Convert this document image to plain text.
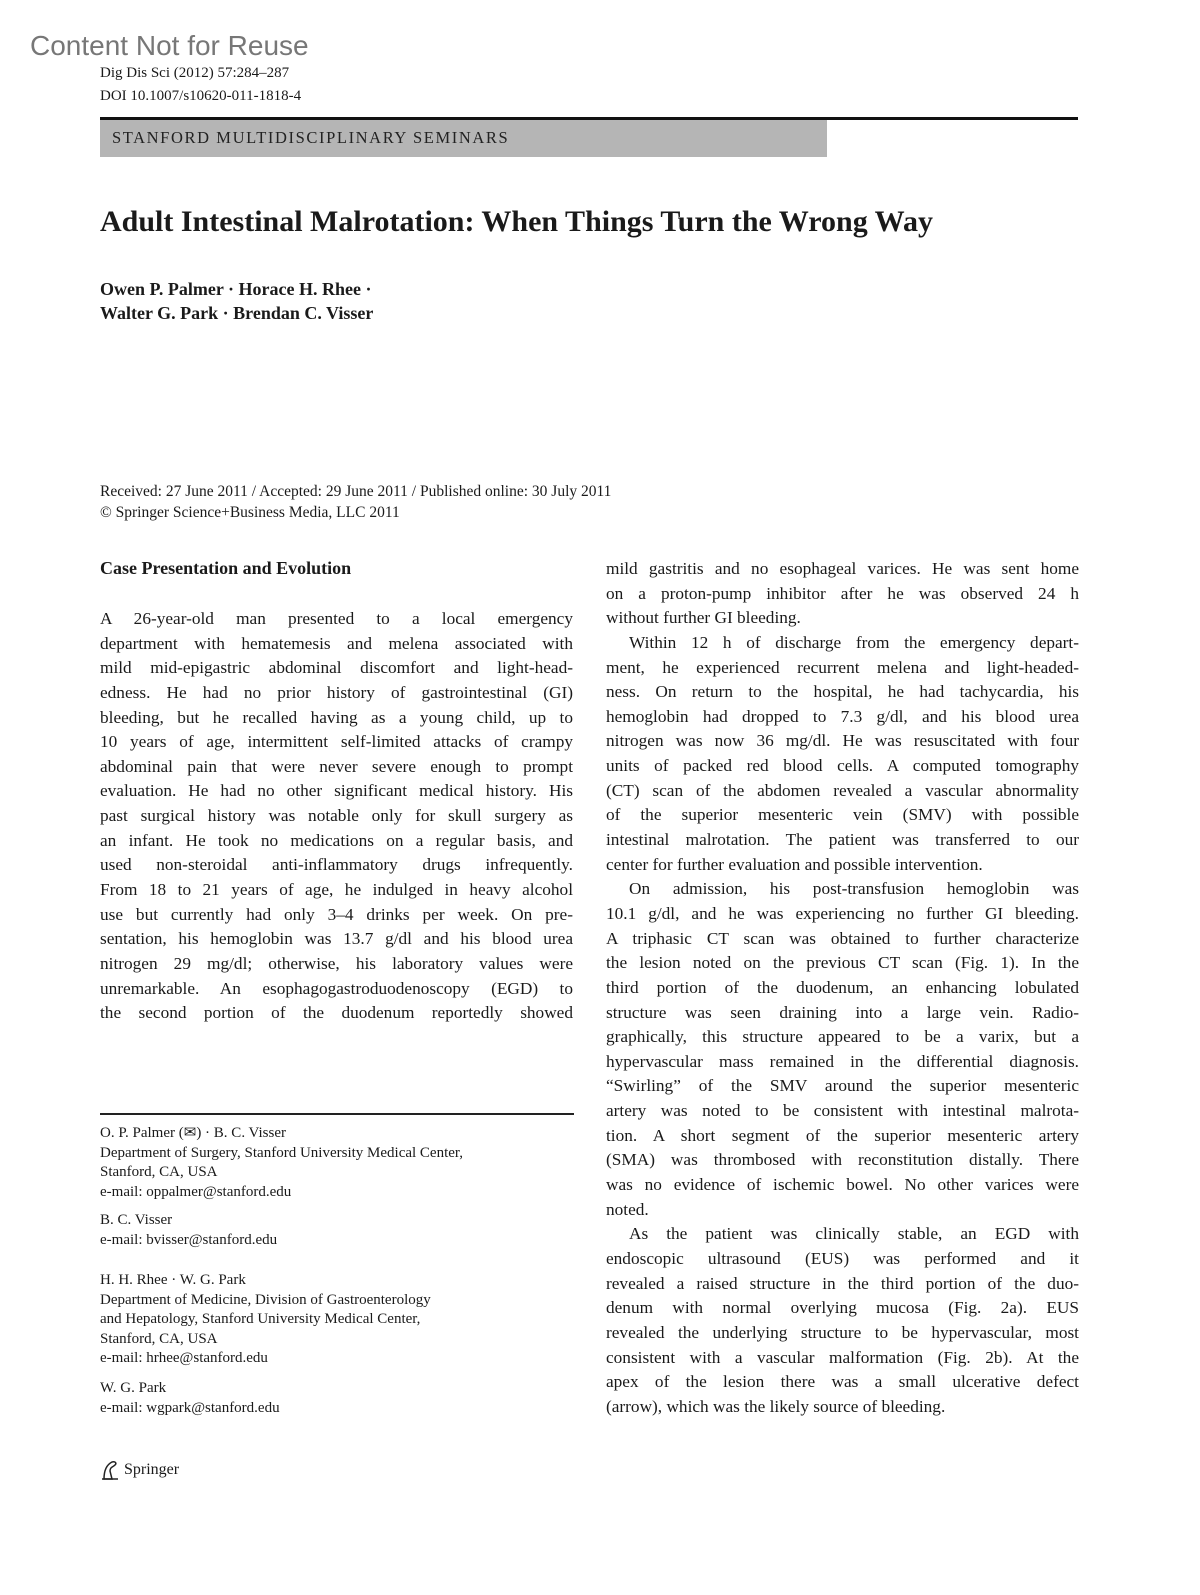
Content Not for Reuse
Dig Dis Sci (2012) 57:284–287
DOI 10.1007/s10620-011-1818-4
STANFORD MULTIDISCIPLINARY SEMINARS
Adult Intestinal Malrotation: When Things Turn the Wrong Way
Owen P. Palmer · Horace H. Rhee ·
Walter G. Park · Brendan C. Visser
Received: 27 June 2011 / Accepted: 29 June 2011 / Published online: 30 July 2011
© Springer Science+Business Media, LLC 2011
Case Presentation and Evolution
A 26-year-old man presented to a local emergency
department with hematemesis and melena associated with
mild mid-epigastric abdominal discomfort and light-head-
edness. He had no prior history of gastrointestinal (GI)
bleeding, but he recalled having as a young child, up to
10 years of age, intermittent self-limited attacks of crampy
abdominal pain that were never severe enough to prompt
evaluation. He had no other significant medical history. His
past surgical history was notable only for skull surgery as
an infant. He took no medications on a regular basis, and
used non-steroidal anti-inflammatory drugs infrequently.
From 18 to 21 years of age, he indulged in heavy alcohol
use but currently had only 3–4 drinks per week. On pre-
sentation, his hemoglobin was 13.7 g/dl and his blood urea
nitrogen 29 mg/dl; otherwise, his laboratory values were
unremarkable. An esophagogastroduodenoscopy (EGD) to
the second portion of the duodenum reportedly showed
mild gastritis and no esophageal varices. He was sent home
on a proton-pump inhibitor after he was observed 24 h
without further GI bleeding.
Within 12 h of discharge from the emergency depart-
ment, he experienced recurrent melena and light-headed-
ness. On return to the hospital, he had tachycardia, his
hemoglobin had dropped to 7.3 g/dl, and his blood urea
nitrogen was now 36 mg/dl. He was resuscitated with four
units of packed red blood cells. A computed tomography
(CT) scan of the abdomen revealed a vascular abnormality
of the superior mesenteric vein (SMV) with possible
intestinal malrotation. The patient was transferred to our
center for further evaluation and possible intervention.
On admission, his post-transfusion hemoglobin was
10.1 g/dl, and he was experiencing no further GI bleeding.
A triphasic CT scan was obtained to further characterize
the lesion noted on the previous CT scan (Fig. 1). In the
third portion of the duodenum, an enhancing lobulated
structure was seen draining into a large vein. Radio-
graphically, this structure appeared to be a varix, but a
hypervascular mass remained in the differential diagnosis.
“Swirling” of the SMV around the superior mesenteric
artery was noted to be consistent with intestinal malrota-
tion. A short segment of the superior mesenteric artery
(SMA) was thrombosed with reconstitution distally. There
was no evidence of ischemic bowel. No other varices were
noted.
As the patient was clinically stable, an EGD with
endoscopic ultrasound (EUS) was performed and it
revealed a raised structure in the third portion of the duo-
denum with normal overlying mucosa (Fig. 2a). EUS
revealed the underlying structure to be hypervascular, most
consistent with a vascular malformation (Fig. 2b). At the
apex of the lesion there was a small ulcerative defect
(arrow), which was the likely source of bleeding.
O. P. Palmer (✉) · B. C. Visser
Department of Surgery, Stanford University Medical Center,
Stanford, CA, USA
e-mail: oppalmer@stanford.edu
B. C. Visser
e-mail: bvisser@stanford.edu
H. H. Rhee · W. G. Park
Department of Medicine, Division of Gastroenterology
and Hepatology, Stanford University Medical Center,
Stanford, CA, USA
e-mail: hrhee@stanford.edu
W. G. Park
e-mail: wgpark@stanford.edu
Springer
